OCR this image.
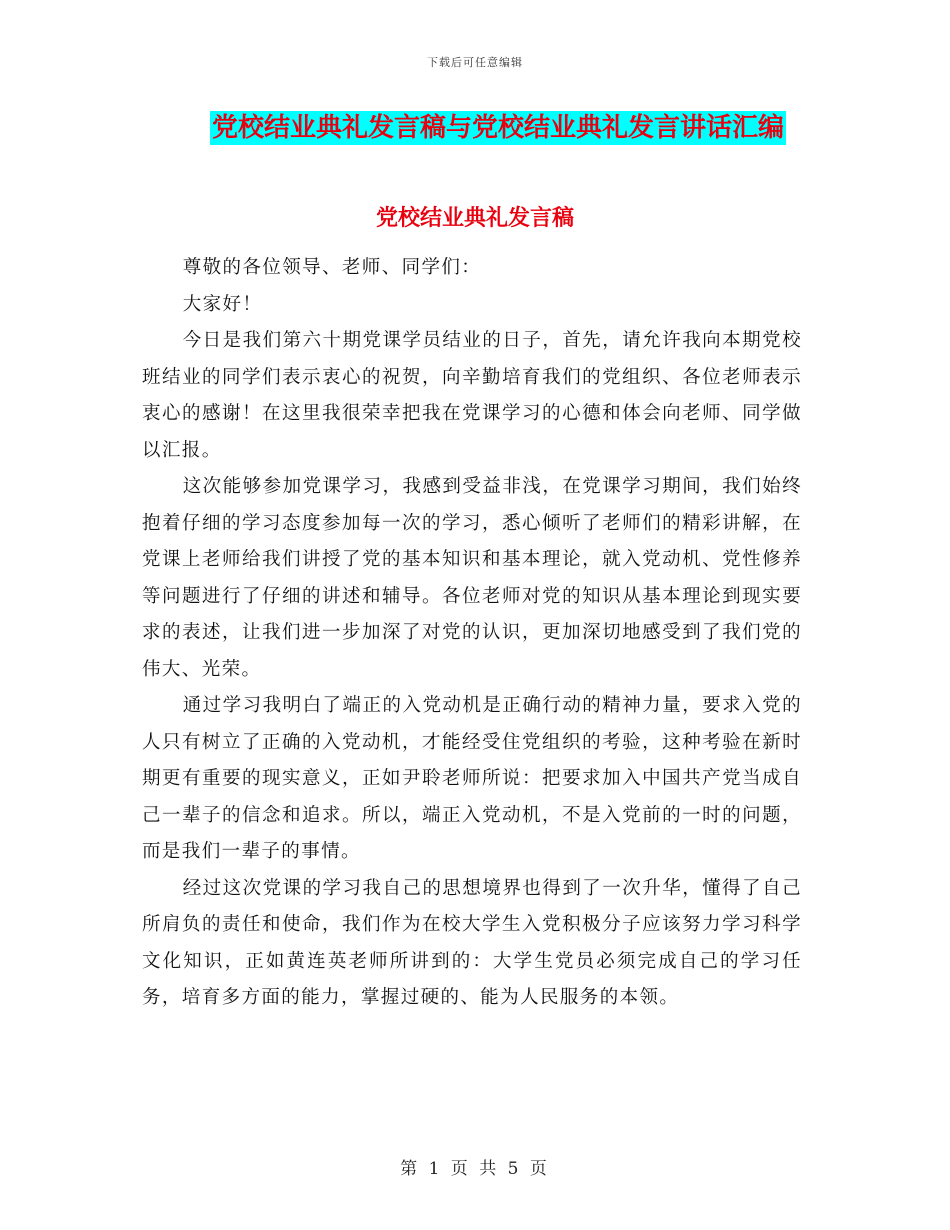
下载后可任意编辑
党校结业典礼发言稿与党校结业典礼发言讲话汇编
党校结业典礼发言稿

尊敬的各位领导、老师、同学们：

大家好！

今日是我们第六十期党课学员结业的日子，首先，请允许我向本期党校班结业的同学们表示衷心的祝贺，向辛勤培育我们的党组织、各位老师表示衷心的感谢！在这里我很荣幸把我在党课学习的心德和体会向老师、同学做以汇报。

这次能够参加党课学习，我感到受益非浅，在党课学习期间，我们始终抱着仔细的学习态度参加每一次的学习，悉心倾听了老师们的精彩讲解，在党课上老师给我们讲授了党的基本知识和基本理论，就入党动机、党性修养等问题进行了仔细的讲述和辅导。各位老师对党的知识从基本理论到现实要求的表述，让我们进一步加深了对党的认识，更加深切地感受到了我们党的伟大、光荣。

通过学习我明白了端正的入党动机是正确行动的精神力量，要求入党的人只有树立了正确的入党动机，才能经受住党组织的考验，这种考验在新时期更有重要的现实意义，正如尹聆老师所说：把要求加入中国共产党当成自己一辈子的信念和追求。所以，端正入党动机，不是入党前的一时的问题，而是我们一辈子的事情。

经过这次党课的学习我自己的思想境界也得到了一次升华，懂得了自己所肩负的责任和使命，我们作为在校大学生入党积极分子应该努力学习科学文化知识，正如黄连英老师所讲到的：大学生党员必须完成自己的学习任务，培育多方面的能力，掌握过硬的、能为人民服务的本领。

第 1 页 共 5 页
